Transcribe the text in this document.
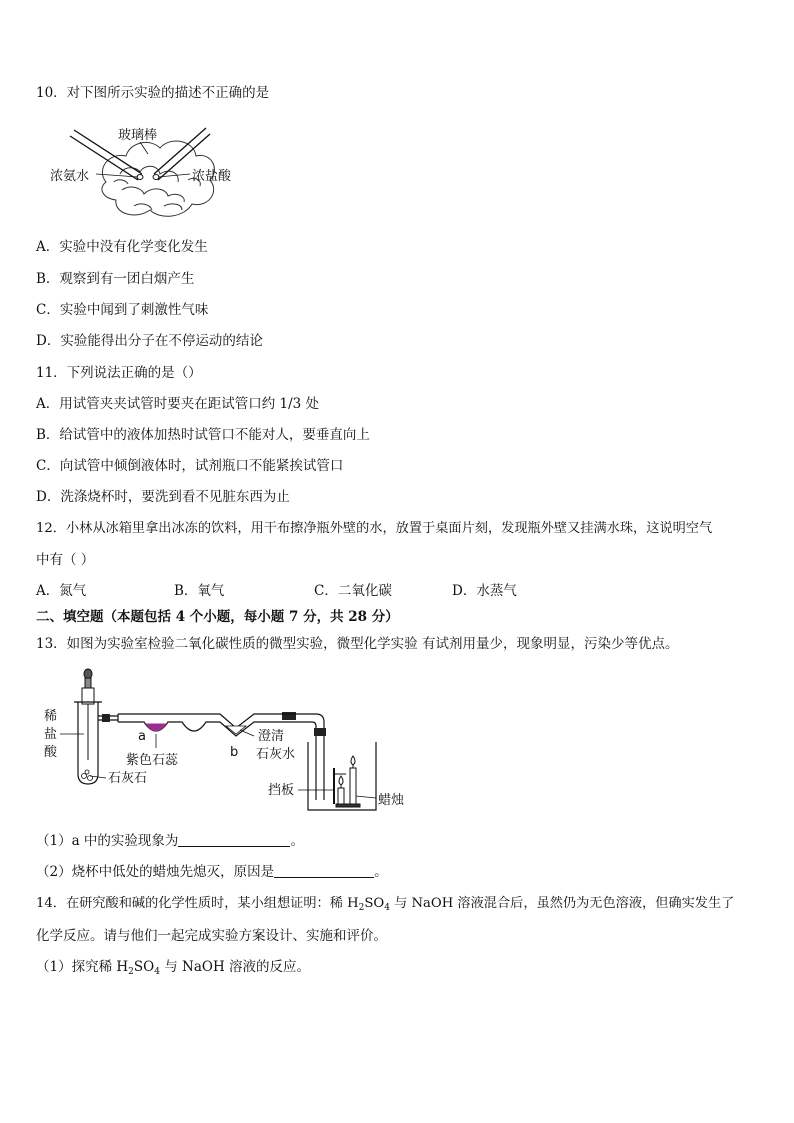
10．对下图所示实验的描述不正确的是
玻璃棒
浓氨水	浓盐酸
A．实验中没有化学变化发生
B．观察到有一团白烟产生
C．实验中闻到了刺激性气味
D．实验能得出分子在不停运动的结论
11．下列说法正确的是（）
A．用试管夹夹试管时要夹在距试管口约 1/3 处
B．给试管中的液体加热时试管口不能对人，要垂直向上
C．向试管中倾倒液体时，试剂瓶口不能紧挨试管口
D．洗涤烧杯时，要洗到看不见脏东西为止
12．小林从冰箱里拿出冰冻的饮料，用干布擦净瓶外壁的水，放置于桌面片刻，发现瓶外壁又挂满水珠，这说明空气
中有（ ）
A．氮气	B．氧气	C．二氧化碳	D．水蒸气
二、填空题（本题包括 4 个小题，每小题 7 分，共 28 分）
13．如图为实验室检验二氧化碳性质的微型实验，微型化学实验 有试剂用量少，现象明显，污染少等优点。
稀
盐
酸
石灰石
a
紫色石蕊
b
澄清
石灰水
挡板
蜡烛
（1）a 中的实验现象为	。
（2）烧杯中低处的蜡烛先熄灭，原因是	。
14．在研究酸和碱的化学性质时，某小组想证明：稀 $H_2SO_4$ 与 NaOH 溶液混合后，虽然仍为无色溶液，但确实发生了
化学反应。请与他们一起完成实验方案设计、实施和评价。
（1）探究稀 $H_2SO_4$ 与 NaOH 溶液的反应。
